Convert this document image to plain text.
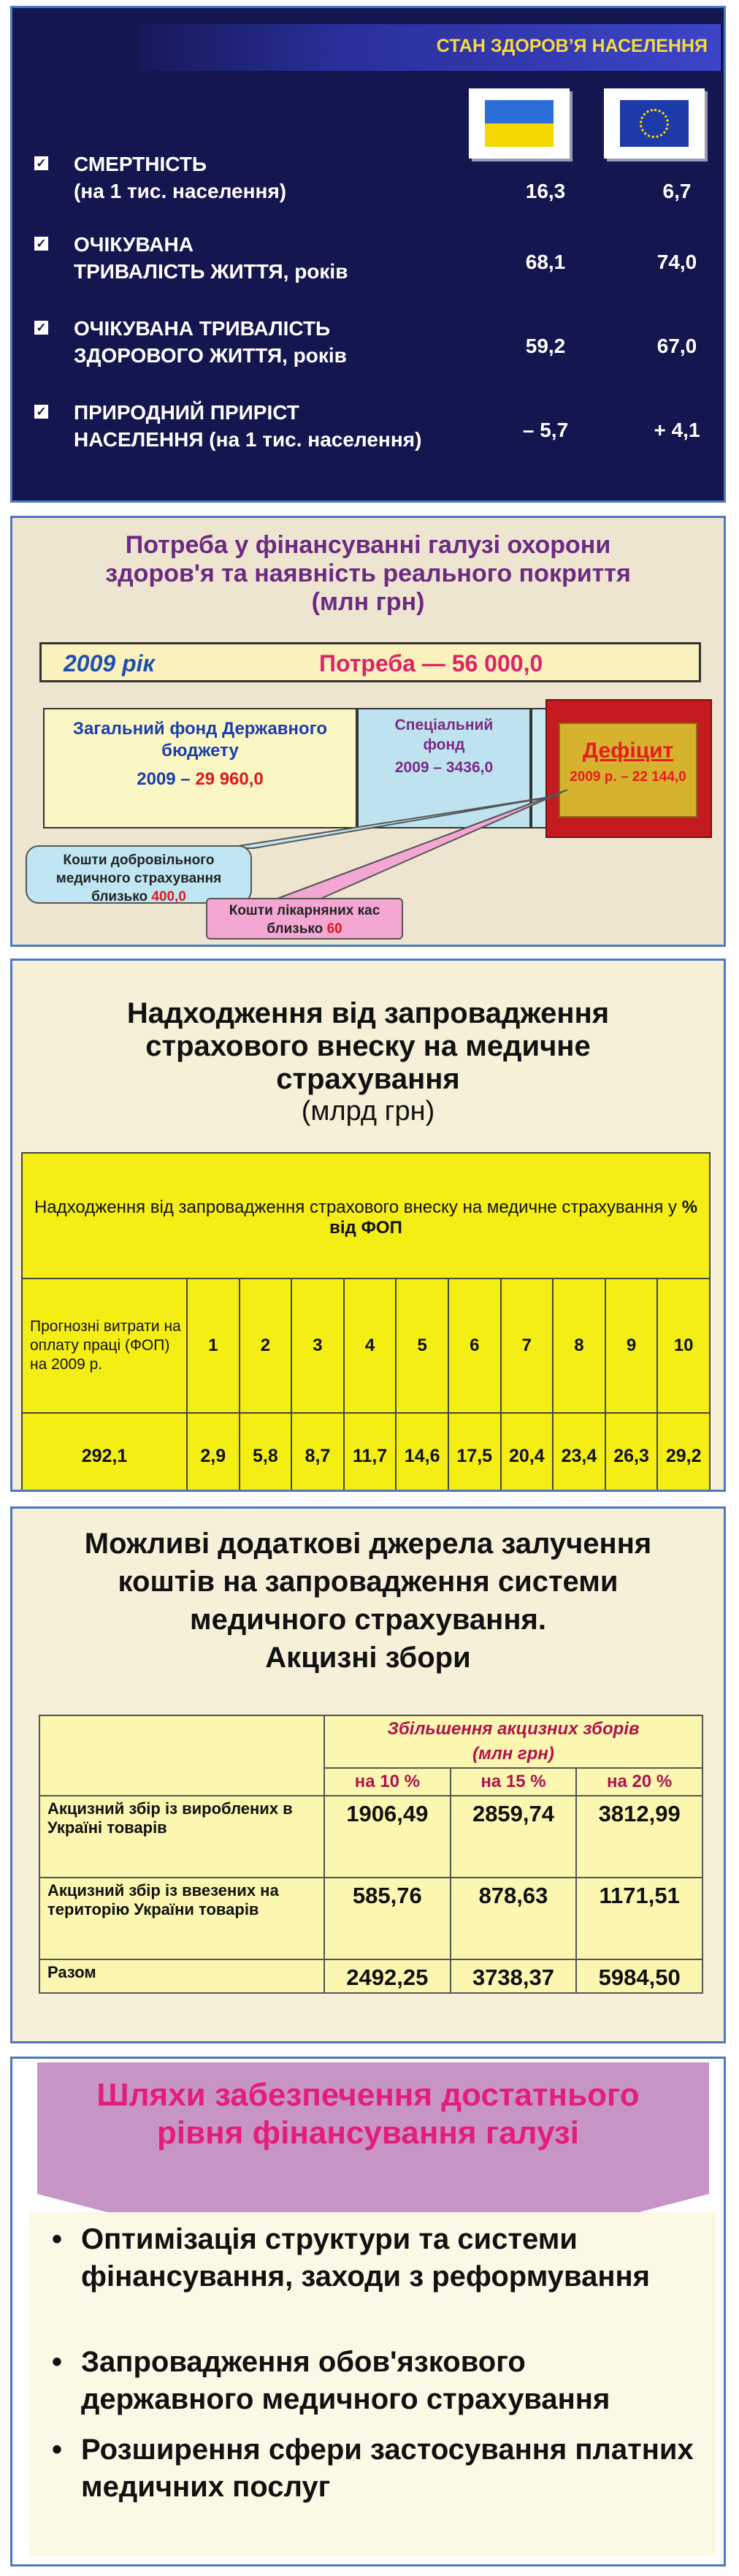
СТАН ЗДОРОВ’Я НАСЕЛЕННЯ
✓ СМЕРТНІСТЬ
(на 1 тис. населення)	16,3	6,7
✓ ОЧІКУВАНА
ТРИВАЛІСТЬ ЖИТТЯ, років	68,1	74,0
✓ ОЧІКУВАНА ТРИВАЛІСТЬ
ЗДОРОВОГО ЖИТТЯ, років	59,2	67,0
✓ ПРИРОДНИЙ ПРИРІСТ
НАСЕЛЕННЯ (на 1 тис. населення)	– 5,7	+ 4,1
Потреба у фінансуванні галузі охорони
здоров'я та наявність реального покриття
(млн грн)
2009 рік	Потреба — 56 000,0
Загальний фонд Державного
бюджету
2009 – 29 960,0
Спеціальний
фонд
2009 – 3436,0
Дефіцит
2009 р. – 22 144,0
Кошти добровільного
медичного страхування
близько 400,0
Кошти лікарняних кас
близько 60
Надходження від запровадження
страхового внеску на медичне
страхування
(млрд грн)
Надходження від запровадження страхового внеску на медичне страхування у % від ФОП										
Прогнозні витрати на оплату праці (ФОП) на 2009 р.	1	2	3	4	5	6	7	8	9	10
292,1	2,9	5,8	8,7	11,7	14,6	17,5	20,4	23,4	26,3	29,2
Можливі додаткові джерела залучення
коштів на запровадження системи
медичного страхування.
Акцизні збори

	Збільшення акцизних зборів
(млн грн)		

	на 10 %	на 15 %	на 20 %
Акцизний збір із вироблених в Україні товарів	1906,49	2859,74	3812,99
Акцизний збір із ввезених на територію України товарів	585,76	878,63	1171,51
Разом	2492,25	3738,37	5984,50
Шляхи забезпечення достатнього
рівня фінансування галузі
• Оптимізація структури та системи фінансування, заходи з реформування
• Запровадження обов'язкового державного медичного страхування
• Розширення сфери застосування платних медичних послуг
